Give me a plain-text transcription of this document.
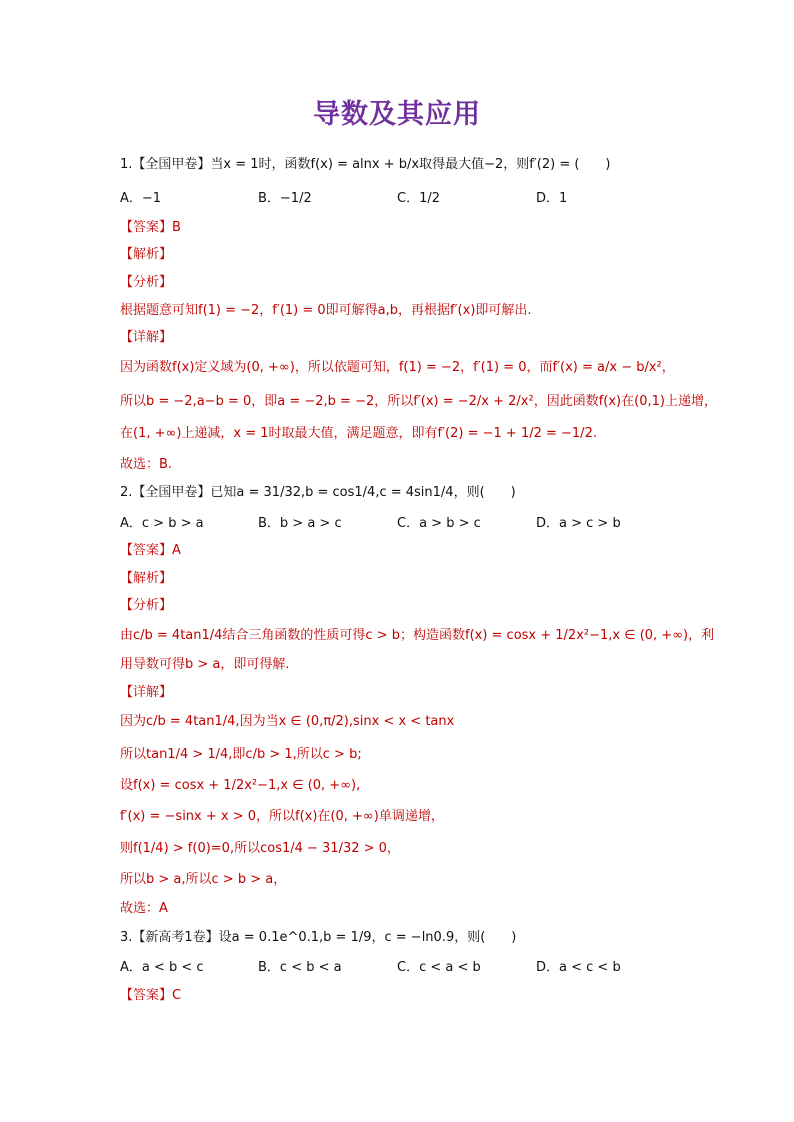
导数及其应用
1.【全国甲卷】当x = 1时，函数f(x) = alnx + b/x取得最大值−2，则f′(2) = (　　)
A．−1	B．−1/2	C．1/2	D．1
【答案】B
【解析】
【分析】
根据题意可知f(1) = −2，f′(1) = 0即可解得a,b，再根据f′(x)即可解出.
【详解】
因为函数f(x)定义域为(0, +∞)，所以依题可知，f(1) = −2，f′(1) = 0，而f′(x) = a/x − b/x²，
所以b = −2,a−b = 0，即a = −2,b = −2，所以f′(x) = −2/x + 2/x²，因此函数f(x)在(0,1)上递增，
在(1, +∞)上递减，x = 1时取最大值，满足题意，即有f′(2) = −1 + 1/2 = −1/2.
故选：B.
2.【全国甲卷】已知a = 31/32,b = cos1/4,c = 4sin1/4，则(　　)
A．c > b > a	B．b > a > c	C．a > b > c	D．a > c > b
【答案】A
【解析】
【分析】
由c/b = 4tan1/4结合三角函数的性质可得c > b；构造函数f(x) = cosx + 1/2x²−1,x ∈ (0, +∞)，利
用导数可得b > a，即可得解.
【详解】
因为c/b = 4tan1/4,因为当x ∈ (0,π/2),sinx < x < tanx
所以tan1/4 > 1/4,即c/b > 1,所以c > b;
设f(x) = cosx + 1/2x²−1,x ∈ (0, +∞),
f′(x) = −sinx + x > 0，所以f(x)在(0, +∞)单调递增，
则f(1/4) > f(0)=0,所以cos1/4 − 31/32 > 0，
所以b > a,所以c > b > a，
故选：A
3.【新高考1卷】设a = 0.1e^0.1,b = 1/9，c = −ln0.9，则(　　)
A．a < b < c	B．c < b < a	C．c < a < b	D．a < c < b
【答案】C
